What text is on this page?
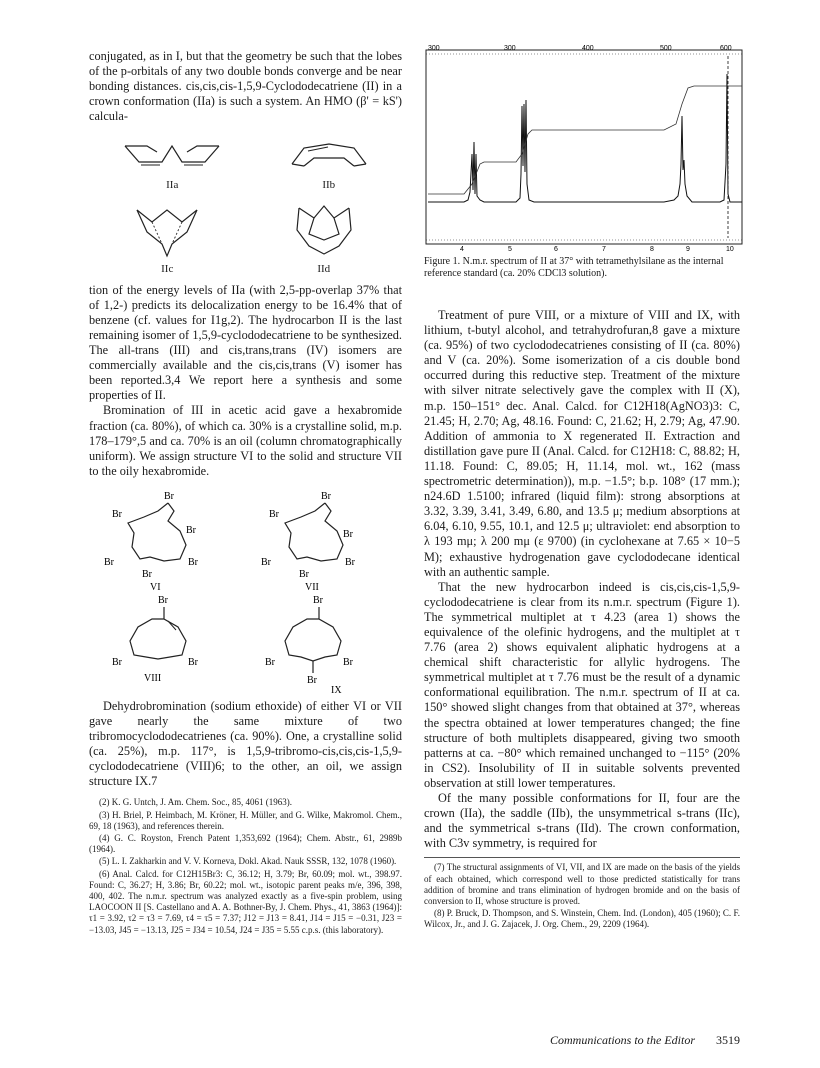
conjugated, as in I, but that the geometry be such that the lobes of the p-orbitals of any two double bonds converge and be near bonding distances. cis,cis,cis-1,5,9-Cyclododecatriene (II) in a crown conformation (IIa) is such a system. An HMO (β' = kS') calcula-

IIa	IIb
IIc	IId

tion of the energy levels of IIa (with 2,5-pp-overlap 37% that of 1,2-) predicts its delocalization energy to be 16.4% that of benzene (cf. values for I1g,2). The hydrocarbon II is the last remaining isomer of 1,5,9-cyclododecatriene to be synthesized. The all-trans (III) and cis,trans,trans (IV) isomers are commercially available and the cis,cis,trans (V) isomer has been reported.3,4 We report here a synthesis and some properties of II.

Bromination of III in acetic acid gave a hexabromide fraction (ca. 80%), of which ca. 30% is a crystalline solid, m.p. 178–179°,5 and ca. 70% is an oil (column chromatographically uniform). We assign structure VI to the solid and structure VII to the oily hexabromide.

Br
Br
Br
Br	Br
Br
VI
Br
Br
Br
Br	Br
Br
VII
Br
Br	Br
VIII
Br
Br	Br
Br
IX

Dehydrobromination (sodium ethoxide) of either VI or VII gave nearly the same mixture of two tribromocyclododecatrienes (ca. 90%). One, a crystalline solid (ca. 25%), m.p. 117°, is 1,5,9-tribromo-cis,cis,cis-1,5,9-cyclododecatriene (VIII)6; to the other, an oil, we assign structure IX.7

(2) K. G. Untch, J. Am. Chem. Soc., 85, 4061 (1963).

(3) H. Briel, P. Heimbach, M. Kröner, H. Müller, and G. Wilke, Makromol. Chem., 69, 18 (1963), and references therein.

(4) G. C. Royston, French Patent 1,353,692 (1964); Chem. Abstr., 61, 2989b (1964).

(5) L. I. Zakharkin and V. V. Korneva, Dokl. Akad. Nauk SSSR, 132, 1078 (1960).

(6) Anal. Calcd. for C12H15Br3: C, 36.12; H, 3.79; Br, 60.09; mol. wt., 398.97. Found: C, 36.27; H, 3.86; Br, 60.22; mol. wt., isotopic parent peaks m/e, 396, 398, 400, 402. The n.m.r. spectrum was analyzed exactly as a five-spin problem, using LAOCOON II [S. Castellano and A. A. Bothner-By, J. Chem. Phys., 41, 3863 (1964)]: τ1 = 3.92, τ2 = τ3 = 7.69, τ4 = τ5 = 7.37; J12 = J13 = 8.41, J14 = J15 = −0.31, J23 = −13.03, J45 = −13.13, J25 = J34 = 10.54, J24 = J35 = 5.55 c.p.s. (this laboratory).

300	300	400	500	600
4	5	6	7	8	9	10
Figure 1. N.m.r. spectrum of II at 37° with tetramethylsilane as the internal reference standard (ca. 20% CDCl3 solution).

Treatment of pure VIII, or a mixture of VIII and IX, with lithium, t-butyl alcohol, and tetrahydrofuran,8 gave a mixture (ca. 95%) of two cyclododecatrienes consisting of II (ca. 80%) and V (ca. 20%). Some isomerization of a cis double bond occurred during this reductive step. Treatment of the mixture with silver nitrate selectively gave the complex with II (X), m.p. 150–151° dec. Anal. Calcd. for C12H18(AgNO3)3: C, 21.45; H, 2.70; Ag, 48.16. Found: C, 21.62; H, 2.79; Ag, 47.90. Addition of ammonia to X regenerated II. Extraction and distillation gave pure II (Anal. Calcd. for C12H18: C, 88.82; H, 11.18. Found: C, 89.05; H, 11.14, mol. wt., 162 (mass spectrometric determination)), m.p. −1.5°; b.p. 108° (17 mm.); n24.6D 1.5100; infrared (liquid film): strong absorptions at 3.32, 3.39, 3.41, 3.49, 6.80, and 13.5 μ; medium absorptions at 6.04, 6.10, 9.55, 10.1, and 12.5 μ; ultraviolet: end absorption to λ 193 mμ; λ 200 mμ (ε 9700) (in cyclohexane at 7.65 × 10−5 M); exhaustive hydrogenation gave cyclododecane identical with an authentic sample.

That the new hydrocarbon indeed is cis,cis,cis-1,5,9-cyclododecatriene is clear from its n.m.r. spectrum (Figure 1). The symmetrical multiplet at τ 4.23 (area 1) shows the equivalence of the olefinic hydrogens, and the multiplet at τ 7.76 (area 2) shows equivalent aliphatic hydrogens at a chemical shift characteristic for allylic hydrogens. The symmetrical multiplet at τ 7.76 must be the result of a dynamic conformational equilibration. The n.m.r. spectrum of II at ca. 150° showed slight changes from that obtained at 37°, whereas the spectra obtained at lower temperatures changed; the fine structure of both multiplets disappeared, giving two smooth patterns at ca. −80° which remained unchanged to −115° (20% in CS2). Insolubility of II in suitable solvents prevented observation at still lower temperatures.

Of the many possible conformations for II, four are the crown (IIa), the saddle (IIb), the unsymmetrical s-trans (IIc), and the symmetrical s-trans (IId). The crown conformation, with C3v symmetry, is required for

(7) The structural assignments of VI, VII, and IX are made on the basis of the yields of each obtained, which correspond well to those predicted statistically for trans addition of bromine and trans elimination of hydrogen bromide and on the basis of conversion to II, whose structure is proved.

(8) P. Bruck, D. Thompson, and S. Winstein, Chem. Ind. (London), 405 (1960); C. F. Wilcox, Jr., and J. G. Zajacek, J. Org. Chem., 29, 2209 (1964).

Communications to the Editor 3519
